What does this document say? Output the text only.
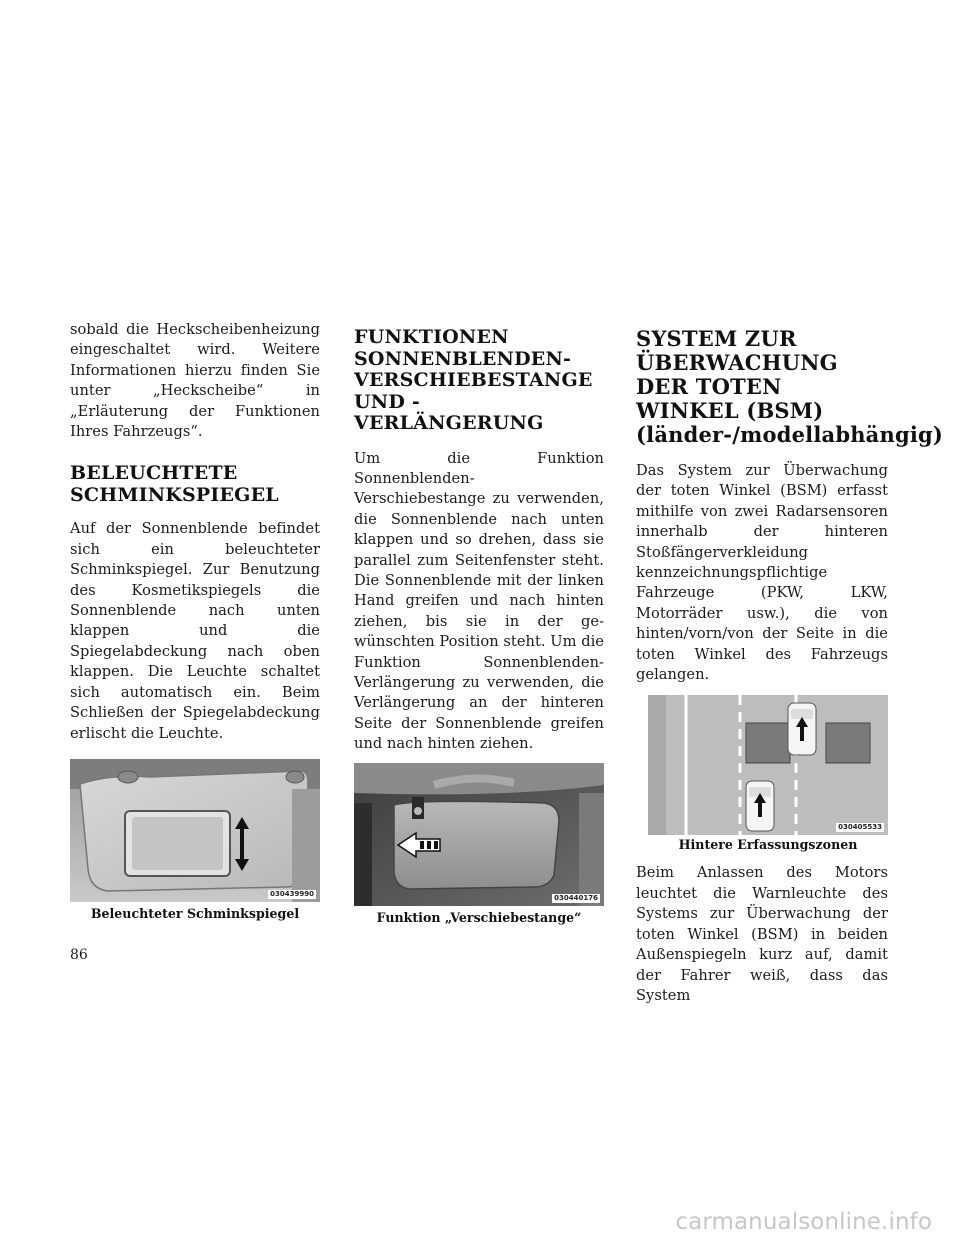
sobald die Heckscheibenheizung eingeschaltet wird. Weitere Informationen hierzu finden Sie unter „Heckscheibe“ in „Erläuterung der Funktionen Ihres Fahrzeugs“.

BELEUCHTETE SCHMINKSPIEGEL

Auf der Sonnenblende befindet sich ein beleuchteter Schminkspiegel. Zur Benutzung des Kosmetikspiegels die Sonnenblende nach unten klappen und die Spiegelabdeckung nach oben klappen. Die Leuchte schaltet sich automatisch ein. Beim Schließen der Spiegelabdeckung erlischt die Leuchte.

030439990

Beleuchteter Schminkspiegel

FUNKTIONEN SONNENBLENDEN-VERSCHIEBESTANGE UND -VERLÄNGERUNG

Um die Funktion Sonnenblenden-Verschiebestange zu verwenden, die Sonnenblende nach unten klappen und so drehen, dass sie parallel zum Seitenfenster steht. Die Sonnenblende mit der linken Hand greifen und nach hinten ziehen, bis sie in der gewünschten Position steht. Um die Funktion Sonnenblenden-Verlängerung zu verwenden, die Verlängerung an der hinteren Seite der Sonnenblende greifen und nach hinten ziehen.

030440176

Funktion „Verschiebestange“

SYSTEM ZUR ÜBERWACHUNG DER TOTEN WINKEL (BSM) (länder-/modellabhängig)

Das System zur Überwachung der toten Winkel (BSM) erfasst mithilfe von zwei Radarsensoren innerhalb der hinteren Stoßfängerverkleidung kennzeichnungspflichtige Fahrzeuge (PKW, LKW, Motorräder usw.), die von hinten/vorn/von der Seite in die toten Winkel des Fahrzeugs gelangen.

030405533

Hintere Erfassungszonen

Beim Anlassen des Motors leuchtet die Warnleuchte des Systems zur Überwachung der toten Winkel (BSM) in beiden Außenspiegeln kurz auf, damit der Fahrer weiß, dass das System

86
carmanualsonline.info
